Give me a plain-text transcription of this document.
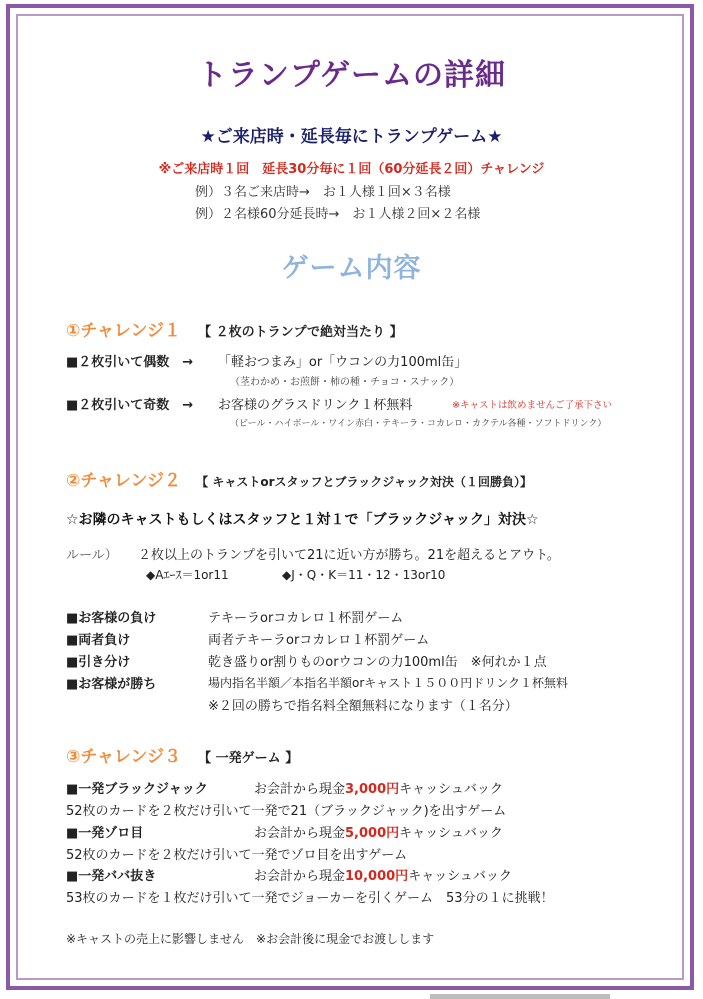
トランプゲームの詳細
★ご来店時・延長毎にトランプゲーム★
※ご来店時１回　延長30分毎に１回（60分延長２回）チャレンジ
例）３名ご来店時→　お１人様１回×３名様
例）２名様60分延長時→　お１人様２回×２名様
ゲーム内容
①チャレンジ１ 【 ２枚のトランプで絶対当たり 】
■２枚引いて偶数　→ 「軽おつまみ」or「ウコンの力100ml缶」
（茎わかめ・お煎餅・柿の種・チョコ・スナック）
■２枚引いて奇数　→ お客様のグラスドリンク１杯無料	※キャストは飲めませんご了承下さい
（ビール・ハイボール・ワイン赤白・テキーラ・コカレロ・カクテル各種・ソフトドリンク）
②チャレンジ２ 【 キャストorスタッフとブラックジャック対決（１回勝負）】
☆お隣のキャストもしくはスタッフと１対１で「ブラックジャック」対決☆
ルール） ２枚以上のトランプを引いて21に近い方が勝ち。21を超えるとアウト。
◆Aｴｰｽ＝1or11	◆J・Q・K＝11・12・13or10
■お客様の負け	テキーラorコカレロ１杯罰ゲーム
■両者負け	両者テキーラorコカレロ１杯罰ゲーム
■引き分け	乾き盛りor割りものorウコンの力100ml缶　※何れか１点
■お客様が勝ち	場内指名半額／本指名半額orキャスト１５００円ドリンク１杯無料
※２回の勝ちで指名料全額無料になります（１名分）
③チャレンジ３ 【 一発ゲーム 】
■一発ブラックジャック	お会計から現金3,000円キャッシュバック
52枚のカードを２枚だけ引いて一発で21（ブラックジャック)を出すゲーム
■一発ゾロ目	お会計から現金5,000円キャッシュバック
52枚のカードを２枚だけ引いて一発でゾロ目を出すゲーム
■一発ババ抜き	お会計から現金10,000円キャッシュバック
53枚のカードを１枚だけ引いて一発でジョーカーを引くゲーム　53分の１に挑戦！
※キャストの売上に影響しません　※お会計後に現金でお渡しします
